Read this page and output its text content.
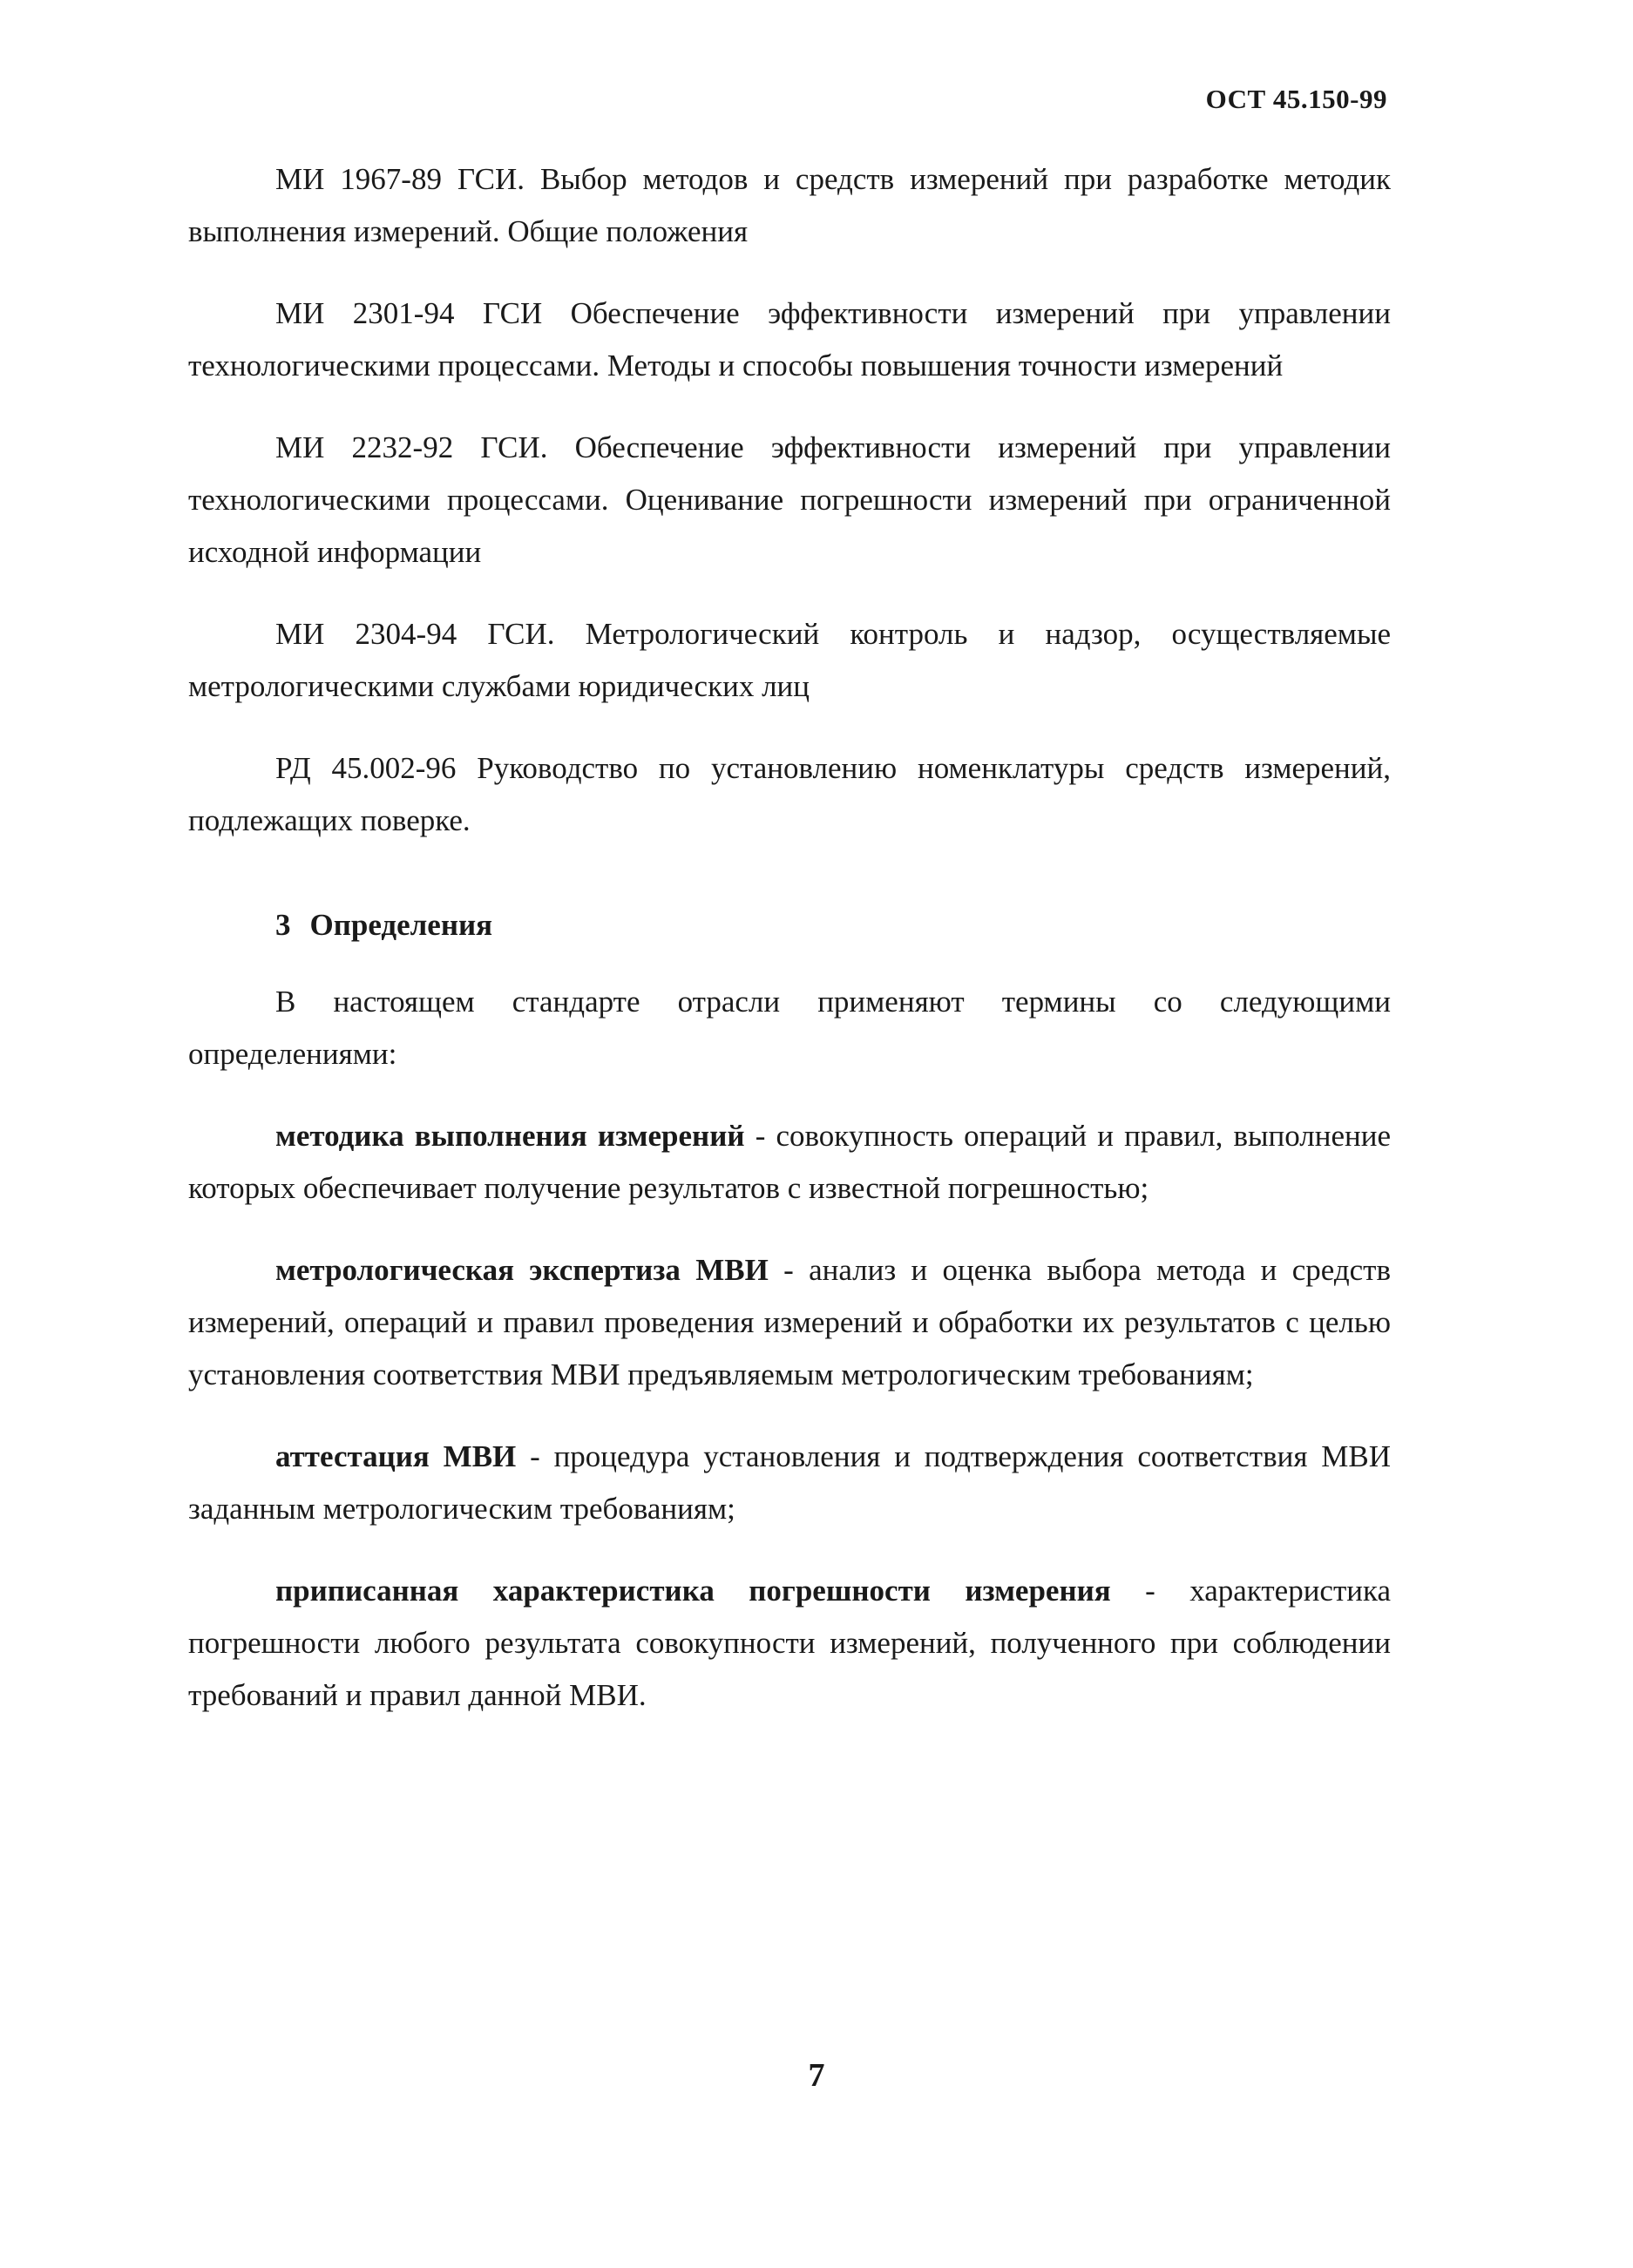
ОСТ 45.150-99

МИ 1967-89 ГСИ. Выбор методов и средств измерений при разработке методик выполнения измерений. Общие положения

МИ 2301-94 ГСИ Обеспечение эффективности измерений при управлении технологическими процессами. Методы и способы повышения точности измерений

МИ 2232-92 ГСИ. Обеспечение эффективности измерений при управлении технологическими процессами. Оценивание погрешности измерений при ограниченной исходной информации

МИ 2304-94 ГСИ. Метрологический контроль и надзор, осуществляемые метрологическими службами юридических лиц

РД 45.002-96 Руководство по установлению номенклатуры средств измерений, подлежащих поверке.

3 Определения

В настоящем стандарте отрасли применяют термины со следующими определениями:

методика выполнения измерений - совокупность операций и правил, выполнение которых обеспечивает получение результатов с известной погрешностью;

метрологическая экспертиза МВИ - анализ и оценка выбора метода и средств измерений, операций и правил проведения измерений и обработки их результатов с целью установления соответствия МВИ предъявляемым метрологическим требованиям;

аттестация МВИ - процедура установления и подтверждения соответствия МВИ заданным метрологическим требованиям;

приписанная характеристика погрешности измерения - характеристика погрешности любого результата совокупности измерений, полученного при соблюдении требований и правил данной МВИ.

7
